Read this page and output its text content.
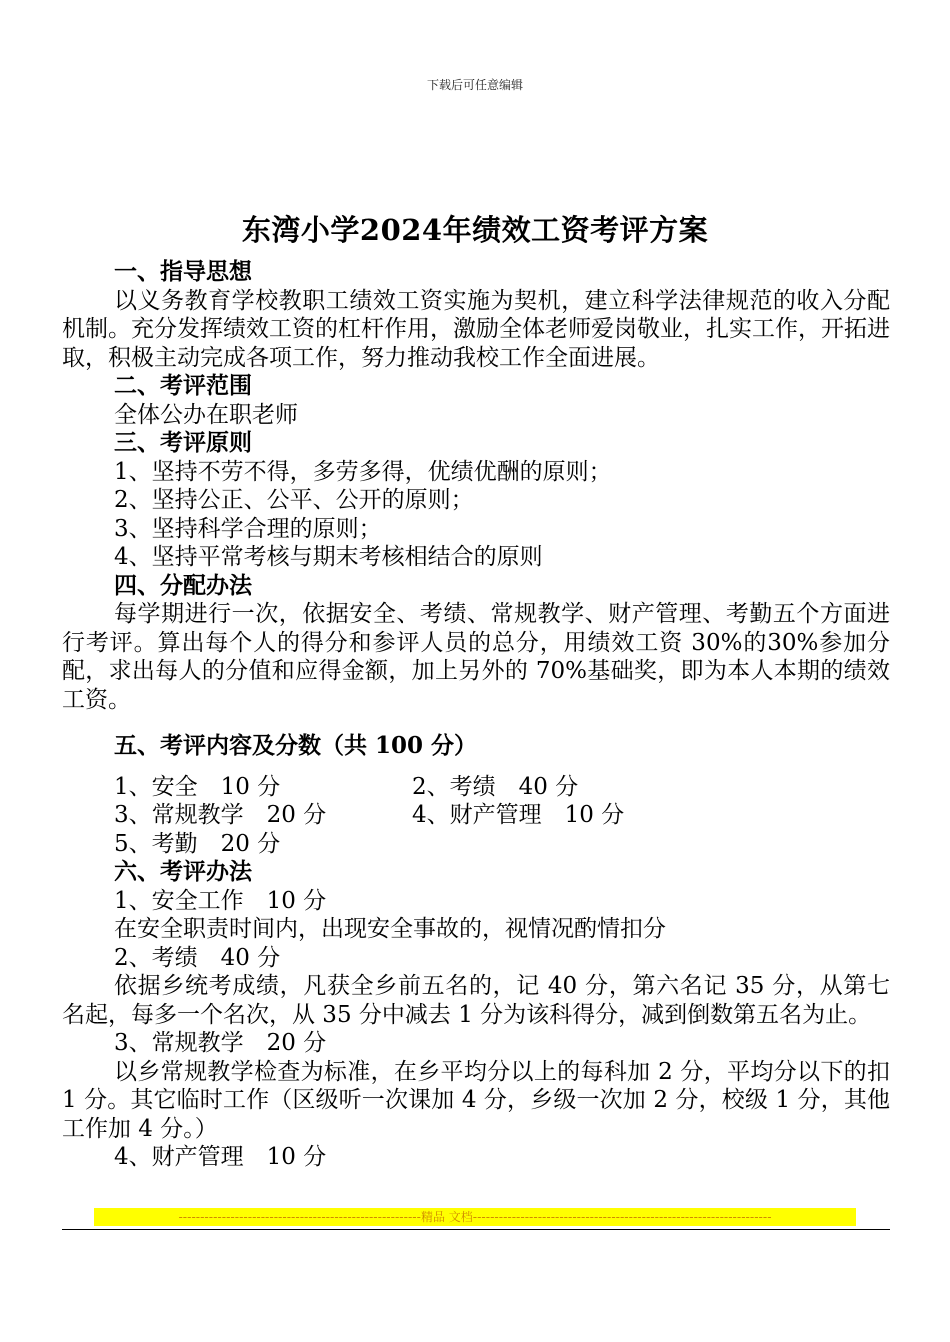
下载后可任意编辑
东湾小学2024年绩效工资考评方案
一、指导思想
以义务教育学校教职工绩效工资实施为契机，建立科学法律规范的收入分配机制。充分发挥绩效工资的杠杆作用，激励全体老师爱岗敬业，扎实工作，开拓进取，积极主动完成各项工作，努力推动我校工作全面进展。
二、考评范围
全体公办在职老师
三、考评原则
1、坚持不劳不得，多劳多得，优绩优酬的原则；
2、坚持公正、公平、公开的原则；
3、坚持科学合理的原则；
4、坚持平常考核与期末考核相结合的原则
四、分配办法
每学期进行一次，依据安全、考绩、常规教学、财产管理、考勤五个方面进行考评。算出每个人的得分和参评人员的总分，用绩效工资 30%的30%参加分配，求出每人的分值和应得金额，加上另外的 70%基础奖，即为本人本期的绩效工资。
五、考评内容及分数（共 100 分）
1、安全　10 分	2、考绩　40 分
3、常规教学　20 分	4、财产管理　10 分
5、考勤　20 分
六、考评办法
1、安全工作　10 分
在安全职责时间内，出现安全事故的，视情况酌情扣分
2、考绩　40 分
依据乡统考成绩，凡获全乡前五名的，记 40 分，第六名记 35 分，从第七名起，每多一个名次，从 35 分中减去 1 分为该科得分，减到倒数第五名为止。
3、常规教学　20 分
以乡常规教学检查为标准，在乡平均分以上的每科加 2 分，平均分以下的扣 1 分。其它临时工作（区级听一次课加 4 分，乡级一次加 2 分，校级 1 分，其他工作加 4 分。）
4、财产管理　10 分
--------------------------------------------------------精品 文档---------------------------------------------------------------------
